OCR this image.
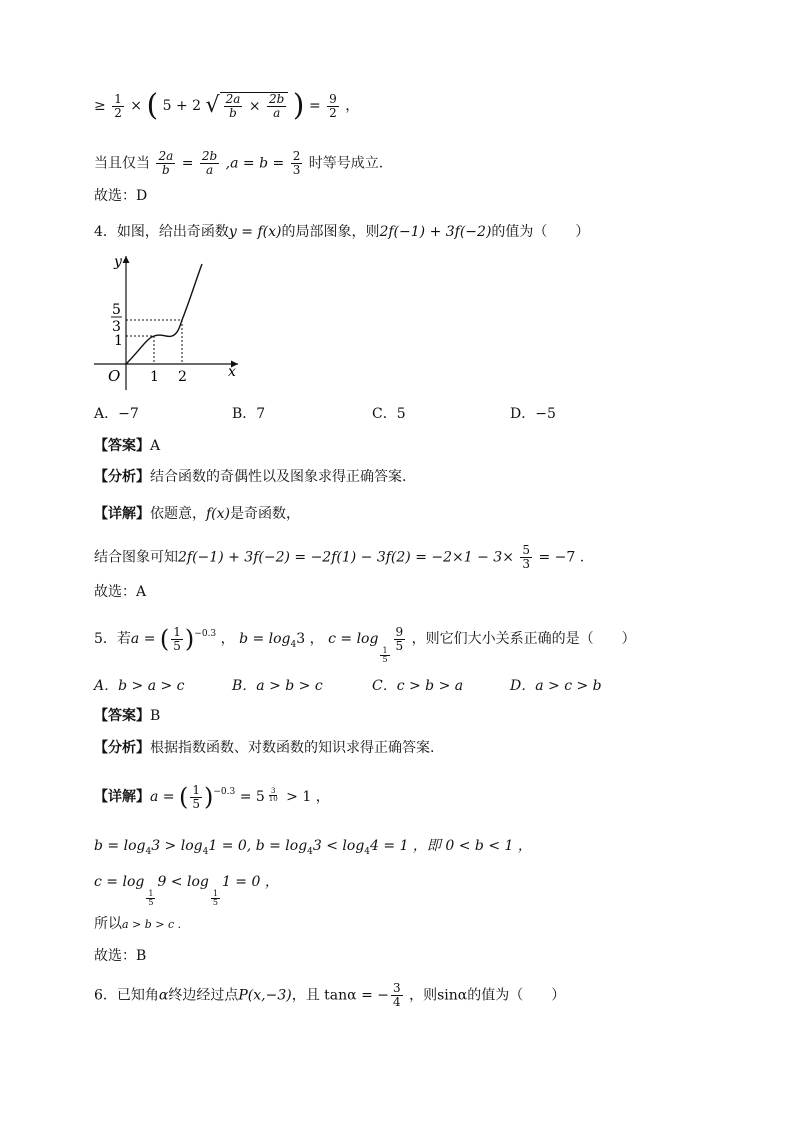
≥ $\frac{1}{2}$ × ( 5 + 2 √ $\frac{2a}{b} \times \frac{2b}{a}$ ) = $\frac{9}{2}$ ，
当且仅当 $\frac{2a}{b} = \frac{2b}{a} ,a = b = \frac{2}{3}$ 时等号成立.
故选：D
4．如图，给出奇函数y = f(x)的局部图象，则2f(−1) + 3f(−2)的值为（　　）
y
x
O 1 2
1
5
3
A．−7	B．7	C．5	D．−5
【答案】A
【分析】结合函数的奇偶性以及图象求得正确答案.
【详解】依题意，f(x)是奇函数，
结合图象可知$2f(-1) + 3f(-2) = -2f(1) - 3f(2) = -2\times 1 - 3\times \frac{5}{3} = -7$ .
故选：A
5．若a = ( $\frac{1}{5} )^{-0.3}$ ， $b = \log_43$ ， c = log
$\frac{1}{5}$
$\frac{9}{5}$ ，则它们大小关系正确的是（　　）
A．b > a > c	B．a > b > c	C．c > b > a	D．a > c > b
【答案】B
【分析】根据指数函数、对数函数的知识求得正确答案.
【详解】a = ( $\frac{1}{5} )^{-0.3} = 5 \frac{3}{10} > 1$ ，
$b = \log_43 > \log_41 = 0$, $b = \log_43 < \log_44 = 1$ ，即 0 < b < 1 ，
c = log
$\frac{1}{5}$
9 < log
$\frac{1}{5}$
1 = 0 ，
所以a > b > c .
故选：B
6．已知角α终边经过点P(x,−3)，且 tanα = − $\frac{3}{4}$ ，则sinα的值为（　　）
